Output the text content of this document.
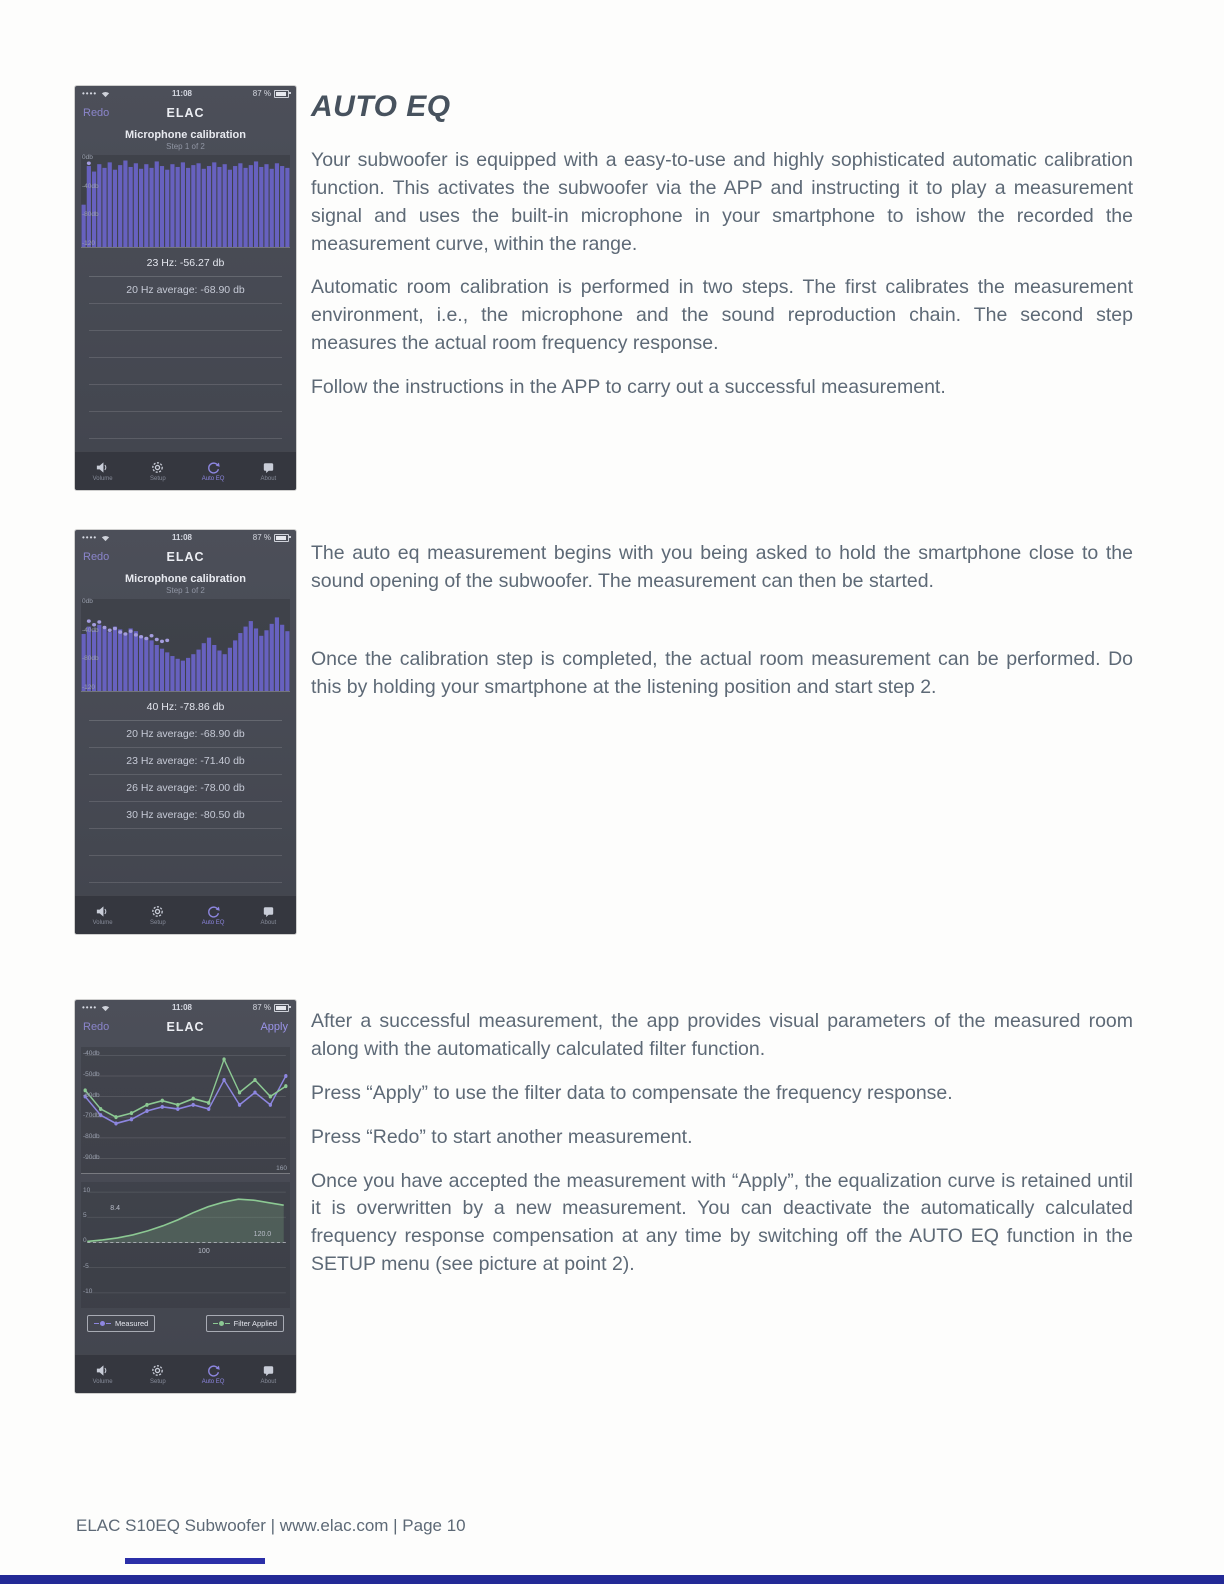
••••	11:08	87 %
Redo	ELAC
Microphone calibration
Step 1 of 2
0db
-40db
-80db
-120
23 Hz: -56.27 db
20 Hz average: -68.90 db
Volume	Setup	Auto EQ	About
••••	11:08	87 %
Redo	ELAC
Microphone calibration
Step 1 of 2
0db
-40db
-80db
-120
40 Hz: -78.86 db
20 Hz average: -68.90 db
23 Hz average: -71.40 db
26 Hz average: -78.00 db
30 Hz average: -80.50 db
Volume	Setup	Auto EQ	About
••••	11:08	87 %
Redo	ELAC	Apply
-40db
-50db
-60db
-70db
-80db
-90db
160
10
5
0
-5
-10
8.4
120.0
100
Measured	Filter Applied
Volume	Setup	Auto EQ	About
AUTO EQ

Your subwoofer is equipped with a easy-to-use and highly sophisticated automatic calibration function. This activates the subwoofer via the APP and instructing it to play a measurement signal and uses the built-in microphone in your smartphone to ishow the recorded the measurement curve, within the range.

Automatic room calibration is performed in two steps. The first calibrates the measurement environment, i.e., the microphone and the sound reproduction chain. The second step measures the actual room frequency response.

Follow the instructions in the APP to carry out a successful measurement.

The auto eq measurement begins with you being asked to hold the smartphone close to the sound opening of the subwoofer. The measurement can then be started.

Once the calibration step is completed, the actual room measurement can be performed. Do this by holding your smartphone at the listening position and start step 2.

After a successful measurement, the app provides visual parameters of the measured room along with the automatically calculated filter function.

Press “Apply” to use the filter data to compensate the frequency response.

Press “Redo” to start another measurement.

Once you have accepted the measurement with “Apply”, the equalization curve is retained until it is overwritten by a new measurement. You can deactivate the automatically calculated frequency response compensation at any time by switching off the AUTO EQ function in the SETUP menu (see picture at point 2).

ELAC S10EQ Subwoofer | www.elac.com | Page 10
